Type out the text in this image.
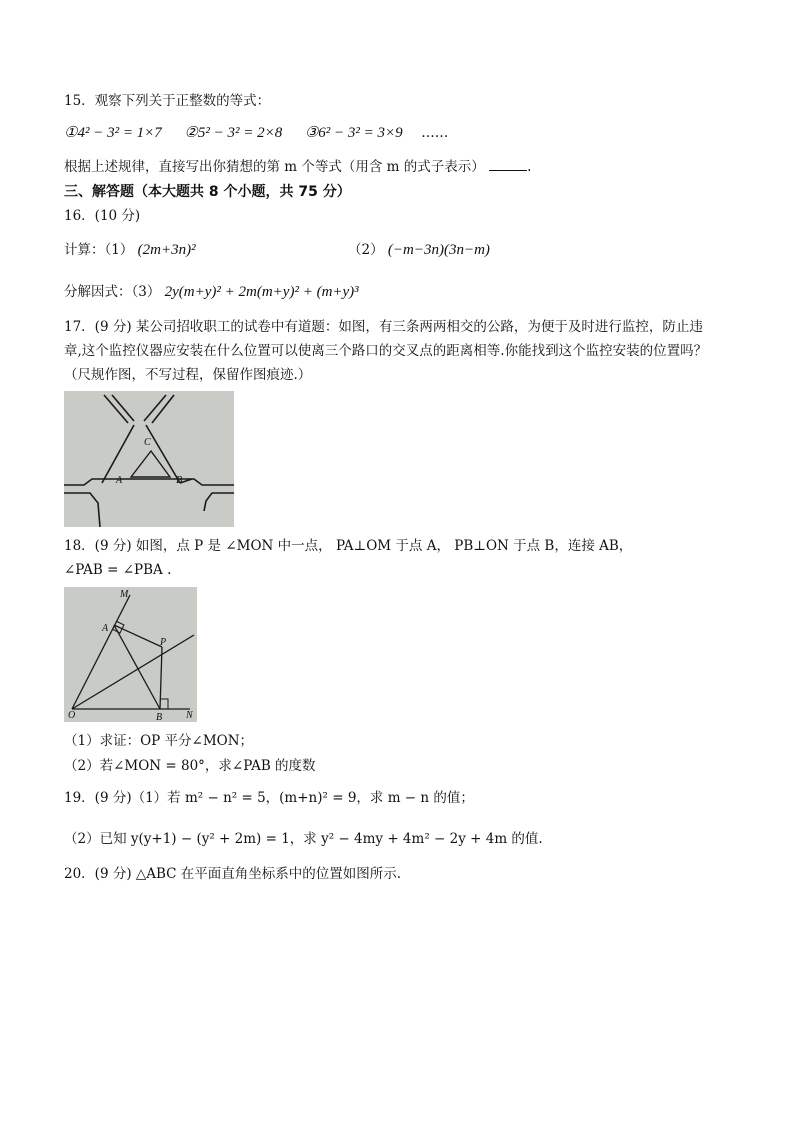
15．观察下列关于正整数的等式：
①4² − 3² = 1×7 ②5² − 3² = 2×8 ③6² − 3² = 3×9 ……
根据上述规律，直接写出你猜想的第 m 个等式（用含 m 的式子表示）	.
三、解答题（本大题共 8 个小题，共 75 分）
16．(10 分)
计算：（1） (2m+3n)²	（2） (−m−3n)(3n−m)
分解因式：（3） 2y(m+y)² + 2m(m+y)² + (m+y)³
17．(9 分) 某公司招收职工的试卷中有道题：如图，有三条两两相交的公路，为便于及时进行监控，防止违
章,这个监控仪器应安装在什么位置可以使离三个路口的交叉点的距离相等.你能找到这个监控安装的位置吗？
（尺规作图，不写过程，保留作图痕迹.）
C
A	B
18．(9 分) 如图，点 P 是 ∠MON 中一点， PA⊥OM 于点 A， PB⊥ON 于点 B，连接 AB，
∠PAB = ∠PBA .
M
A
P
O	B N
（1）求证：OP 平分∠MON；
（2）若∠MON = 80°，求∠PAB 的度数
19．(9 分)（1）若 m² − n² = 5，(m+n)² = 9，求 m − n 的值；
（2）已知 y(y+1) − (y² + 2m) = 1，求 y² − 4my + 4m² − 2y + 4m 的值.
20．(9 分) △ABC 在平面直角坐标系中的位置如图所示.
